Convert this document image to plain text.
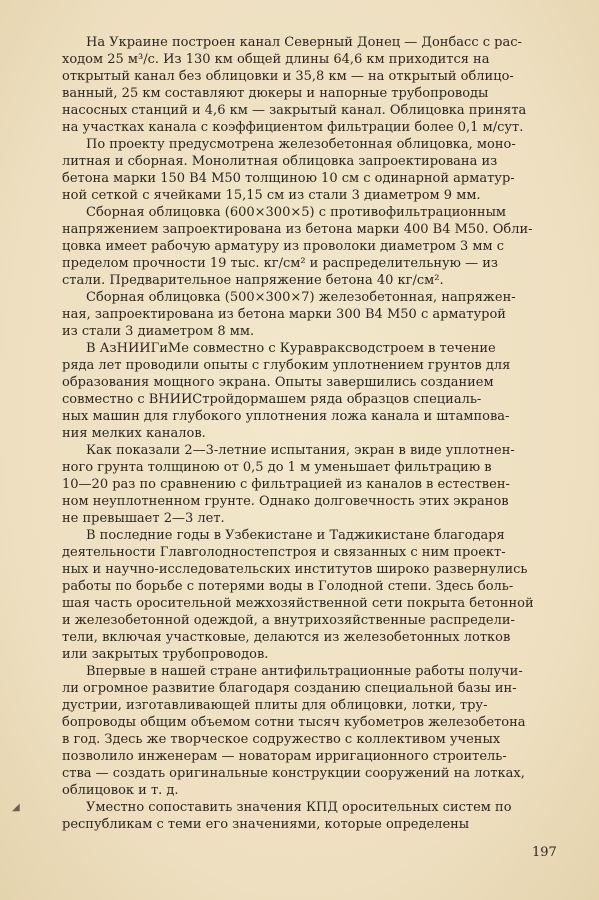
На Украине построен канал Северный Донец — Донбасс с рас-
ходом 25 м³/с. Из 130 км общей длины 64,6 км приходится на
открытый канал без облицовки и 35,8 км — на открытый облицо-
ванный, 25 км составляют дюкеры и напорные трубопроводы
насосных станций и 4,6 км — закрытый канал. Облицовка принята
на участках канала с коэффициентом фильтрации более 0,1 м/сут.

По проекту предусмотрена железобетонная облицовка, моно-
литная и сборная. Монолитная облицовка запроектирована из
бетона марки 150 В4 М50 толщиною 10 см с одинарной арматур-
ной сеткой с ячейками 15,15 см из стали 3 диаметром 9 мм.

Сборная облицовка (600×300×5) с противофильтрационным
напряжением запроектирована из бетона марки 400 В4 М50. Обли-
цовка имеет рабочую арматуру из проволоки диаметром 3 мм с
пределом прочности 19 тыс. кг/см² и распределительную — из
стали. Предварительное напряжение бетона 40 кг/см².

Сборная облицовка (500×300×7) железобетонная, напряжен-
ная, запроектирована из бетона марки 300 В4 М50 с арматурой
из стали 3 диаметром 8 мм.

В АзНИИГиМе совместно с Куравраксводстроем в течение
ряда лет проводили опыты с глубоким уплотнением грунтов для
образования мощного экрана. Опыты завершились созданием
совместно с ВНИИСтройдормашем ряда образцов специаль-
ных машин для глубокого уплотнения ложа канала и штампова-
ния мелких каналов.

Как показали 2—3-летние испытания, экран в виде уплотнен-
ного грунта толщиною от 0,5 до 1 м уменьшает фильтрацию в
10—20 раз по сравнению с фильтрацией из каналов в естествен-
ном неуплотненном грунте. Однако долговечность этих экранов
не превышает 2—3 лет.

В последние годы в Узбекистане и Таджикистане благодаря
деятельности Главголодностепстроя и связанных с ним проект-
ных и научно-исследовательских институтов широко развернулись
работы по борьбе с потерями воды в Голодной степи. Здесь боль-
шая часть оросительной межхозяйственной сети покрыта бетонной
и железобетонной одеждой, а внутрихозяйственные распредели-
тели, включая участковые, делаются из железобетонных лотков
или закрытых трубопроводов.

Впервые в нашей стране антифильтрационные работы получи-
ли огромное развитие благодаря созданию специальной базы ин-
дустрии, изготавливающей плиты для облицовки, лотки, тру-
бопроводы общим объемом сотни тысяч кубометров железобетона
в год. Здесь же творческое содружество с коллективом ученых
позволило инженерам — новаторам ирригационного строитель-
ства — создать оригинальные конструкции сооружений на лотках,
облицовок и т. д.

Уместно сопоставить значения КПД оросительных систем по
республикам с теми его значениями, которые определены

◢
197
